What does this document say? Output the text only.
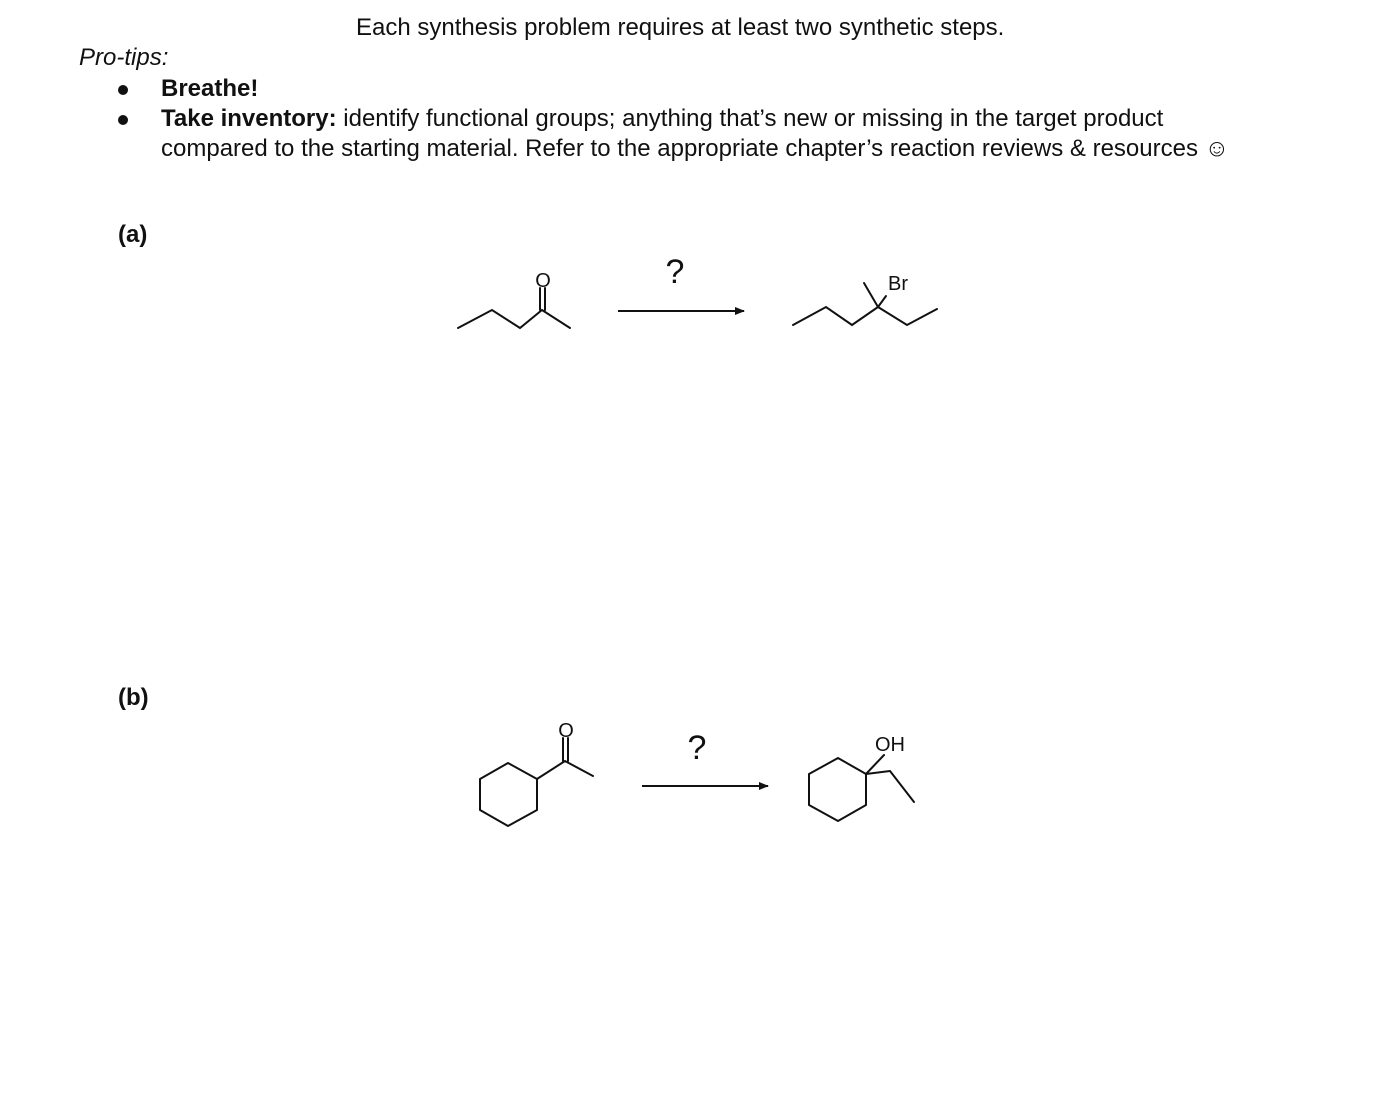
Each synthesis problem requires at least two synthetic steps.
Pro-tips:
Breathe!
Take inventory: identify functional groups; anything that’s new or missing in the target product
compared to the starting material. Refer to the appropriate chapter’s reaction reviews & resources ☺
(a)
(b)
O	?	Br
O	?	OH
